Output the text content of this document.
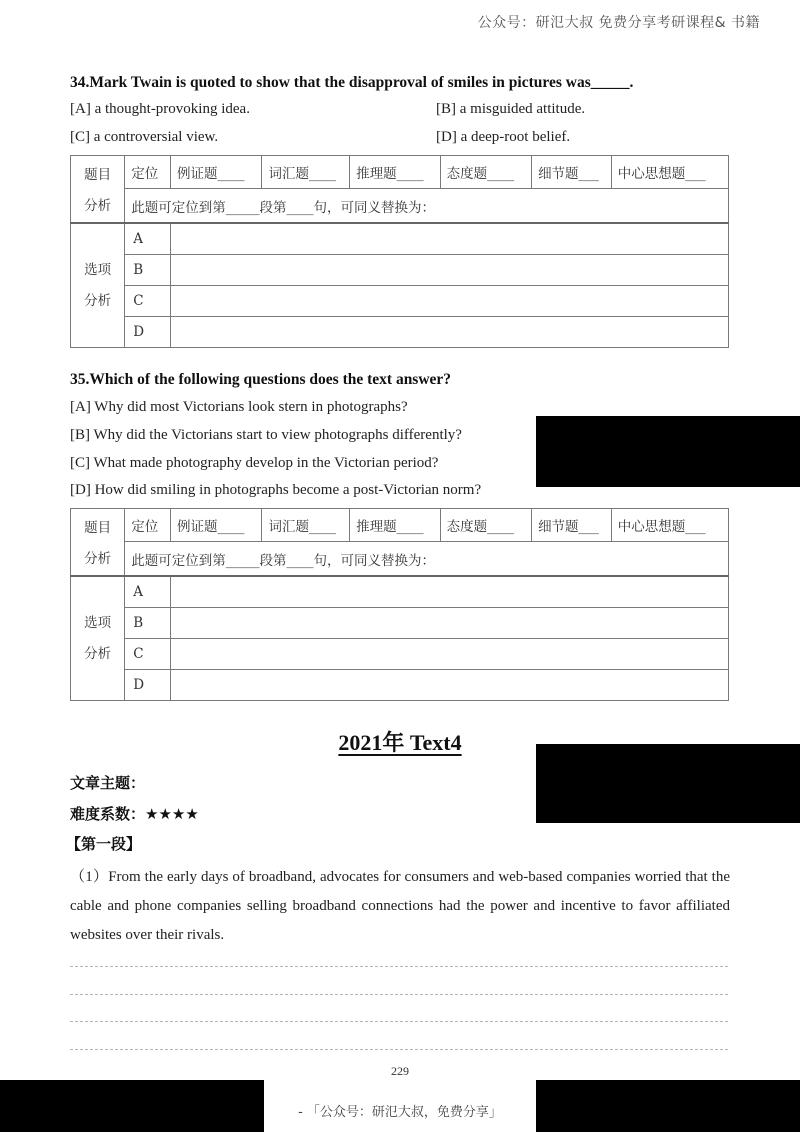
公众号：研氾大叔 免费分享考研课程& 书籍
34.Mark Twain is quoted to show that the disapproval of smiles in pictures was_____.
[A] a thought-provoking idea.	[B] a misguided attitude.
[C] a controversial view.	[D] a deep-root belief.
题目
分析	定位	例证题____	词汇题____	推理题____	态度题____	细节题___	中心思想题___
	此题可定位到第_____段第____句，可同义替换为：						

选项
分析	A						
	B						
	C						
	D						
35.Which of the following questions does the text answer?
[A] Why did most Victorians look stern in photographs?
[B] Why did the Victorians start to view photographs differently?
[C] What made photography develop in the Victorian period?
[D] How did smiling in photographs become a post-Victorian norm?
题目
分析	定位	例证题____	词汇题____	推理题____	态度题____	细节题___	中心思想题___
	此题可定位到第_____段第____句，可同义替换为：						

选项
分析	A						
	B						
	C						
	D						
2021年 Text4
文章主题：
难度系数：★★★★
【第一段】
（1）From the early days of broadband, advocates for consumers and web-based companies worried that the cable and phone companies selling broadband connections had the power and incentive to favor affiliated websites over their rivals.
229
- 「公众号：研氾大叔，免费分享」
